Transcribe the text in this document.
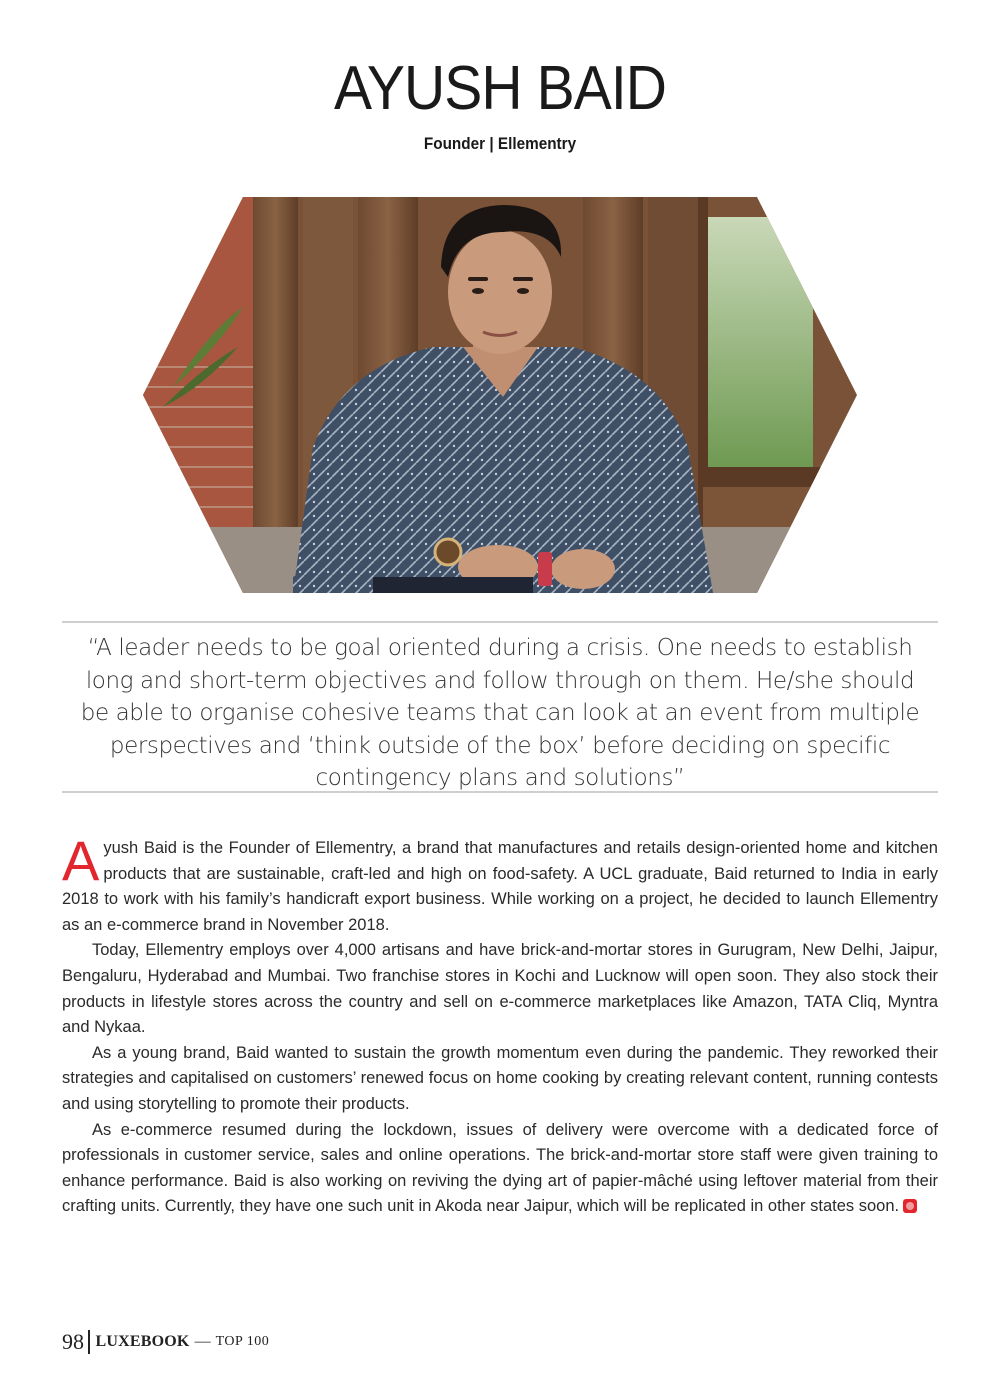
AYUSH BAID
Founder | Ellementry
“A leader needs to be goal oriented during a crisis. One needs to establish long and short-term objectives and follow through on them. He/she should be able to organise cohesive teams that can look at an event from multiple perspectives and ‘think outside of the box’ before deciding on specific contingency plans and solutions”

Ayush Baid is the Founder of Ellementry, a brand that manufactures and retails design-oriented home and kitchen products that are sustainable, craft-led and high on food-safety. A UCL graduate, Baid returned to India in early 2018 to work with his family’s handicraft export business. While working on a project, he decided to launch Ellementry as an e-commerce brand in November 2018.

Today, Ellementry employs over 4,000 artisans and have brick-and-mortar stores in Gurugram, New Delhi, Jaipur, Bengaluru, Hyderabad and Mumbai. Two franchise stores in Kochi and Lucknow will open soon. They also stock their products in lifestyle stores across the country and sell on e-commerce marketplaces like Amazon, TATA Cliq, Myntra and Nykaa.

As a young brand, Baid wanted to sustain the growth momentum even during the pandemic. They reworked their strategies and capitalised on customers’ renewed focus on home cooking by creating relevant content, running contests and using storytelling to promote their products.

As e-commerce resumed during the lockdown, issues of delivery were overcome with a dedicated force of professionals in customer service, sales and online operations. The brick-and-mortar store staff were given training to enhance performance. Baid is also working on reviving the dying art of papier-mâché using leftover material from their crafting units. Currently, they have one such unit in Akoda near Jaipur, which will be replicated in other states soon.

98 LUXEBOOK — TOP 100
